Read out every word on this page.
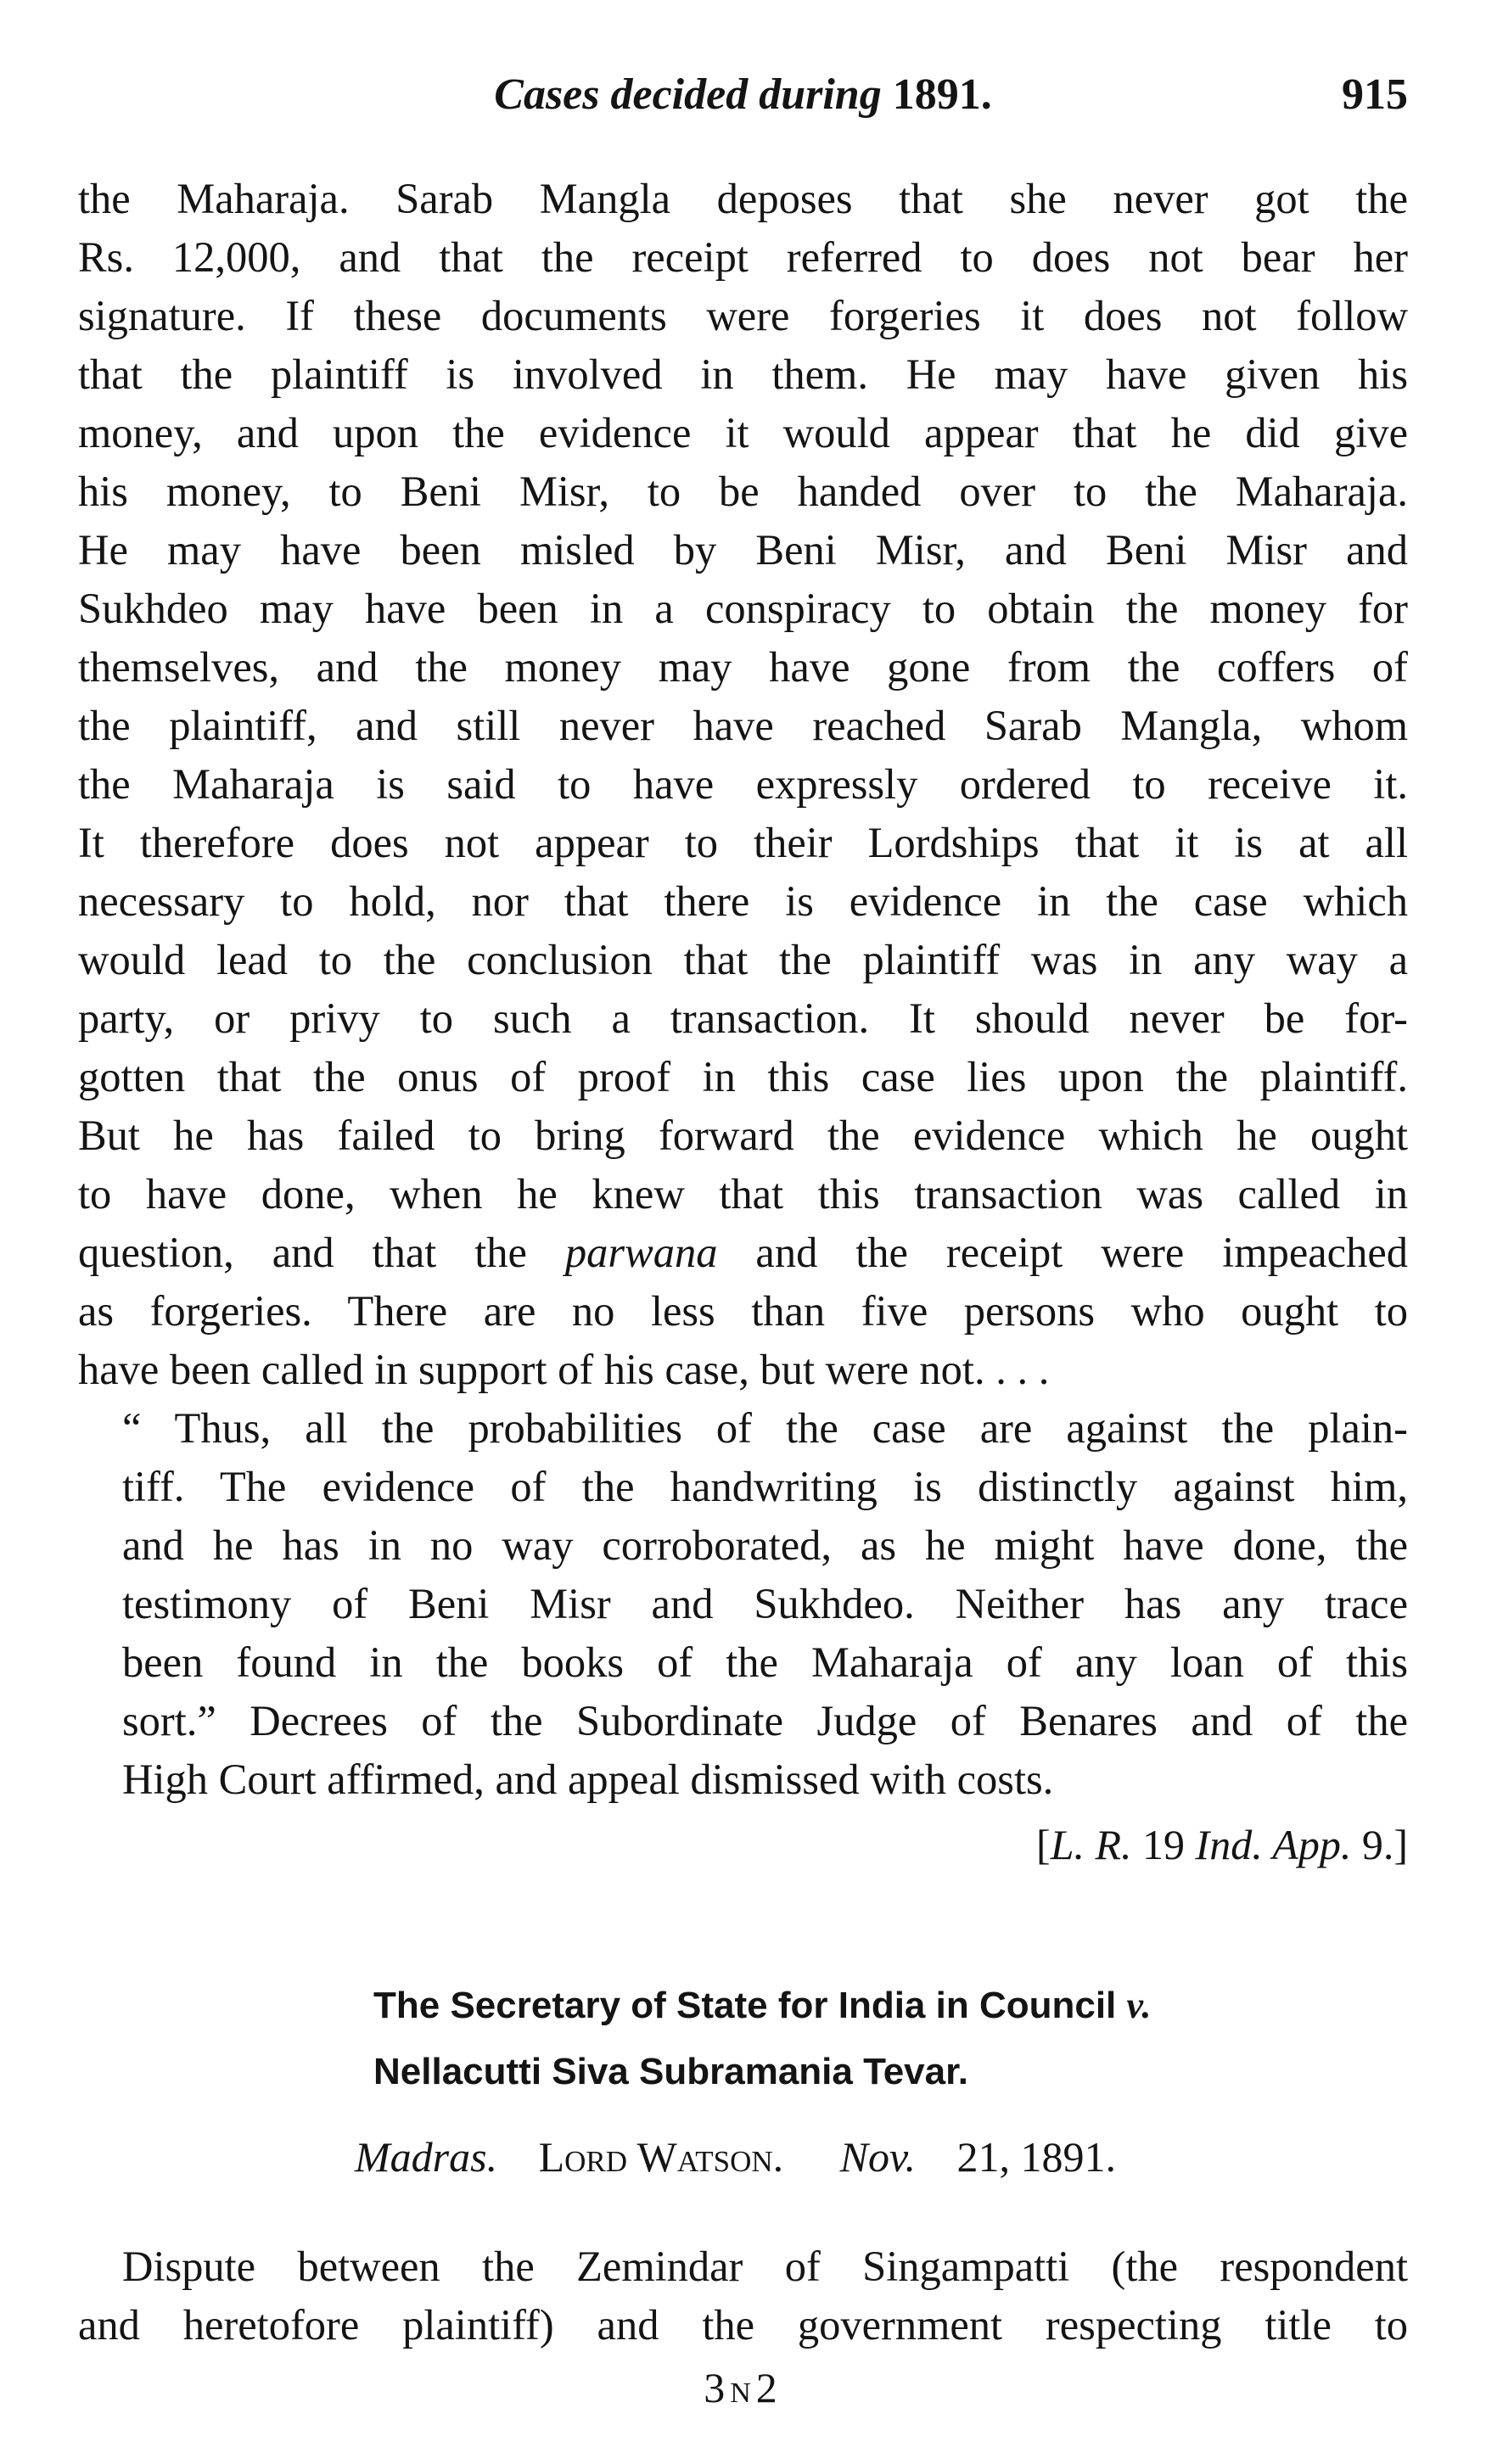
Cases decided during 1891.	915

the Maharaja. Sarab Mangla deposes that she never got the
Rs. 12,000, and that the receipt referred to does not bear her
signature. If these documents were forgeries it does not follow
that the plaintiff is involved in them. He may have given his
money, and upon the evidence it would appear that he did give
his money, to Beni Misr, to be handed over to the Maharaja.
He may have been misled by Beni Misr, and Beni Misr and
Sukhdeo may have been in a conspiracy to obtain the money for
themselves, and the money may have gone from the coffers of
the plaintiff, and still never have reached Sarab Mangla, whom
the Maharaja is said to have expressly ordered to receive it.
It therefore does not appear to their Lordships that it is at all
necessary to hold, nor that there is evidence in the case which
would lead to the conclusion that the plaintiff was in any way a
party, or privy to such a transaction. It should never be for-
gotten that the onus of proof in this case lies upon the plaintiff.
But he has failed to bring forward the evidence which he ought
to have done, when he knew that this transaction was called in
question, and that the parwana and the receipt were impeached
as forgeries. There are no less than five persons who ought to
have been called in support of his case, but were not. . . .

“ Thus, all the probabilities of the case are against the plain-
tiff. The evidence of the handwriting is distinctly against him,
and he has in no way corroborated, as he might have done, the
testimony of Beni Misr and Sukhdeo. Neither has any trace
been found in the books of the Maharaja of any loan of this
sort.” Decrees of the Subordinate Judge of Benares and of the
High Court affirmed, and appeal dismissed with costs.

[L. R. 19 Ind. App. 9.]
The Secretary of State for India in Council v.
Nellacutti Siva Subramania Tevar.
Madras. Lord Watson. Nov. 21, 1891.
Dispute between the Zemindar of Singampatti (the respondent
and heretofore plaintiff) and the government respecting title to
3N2
